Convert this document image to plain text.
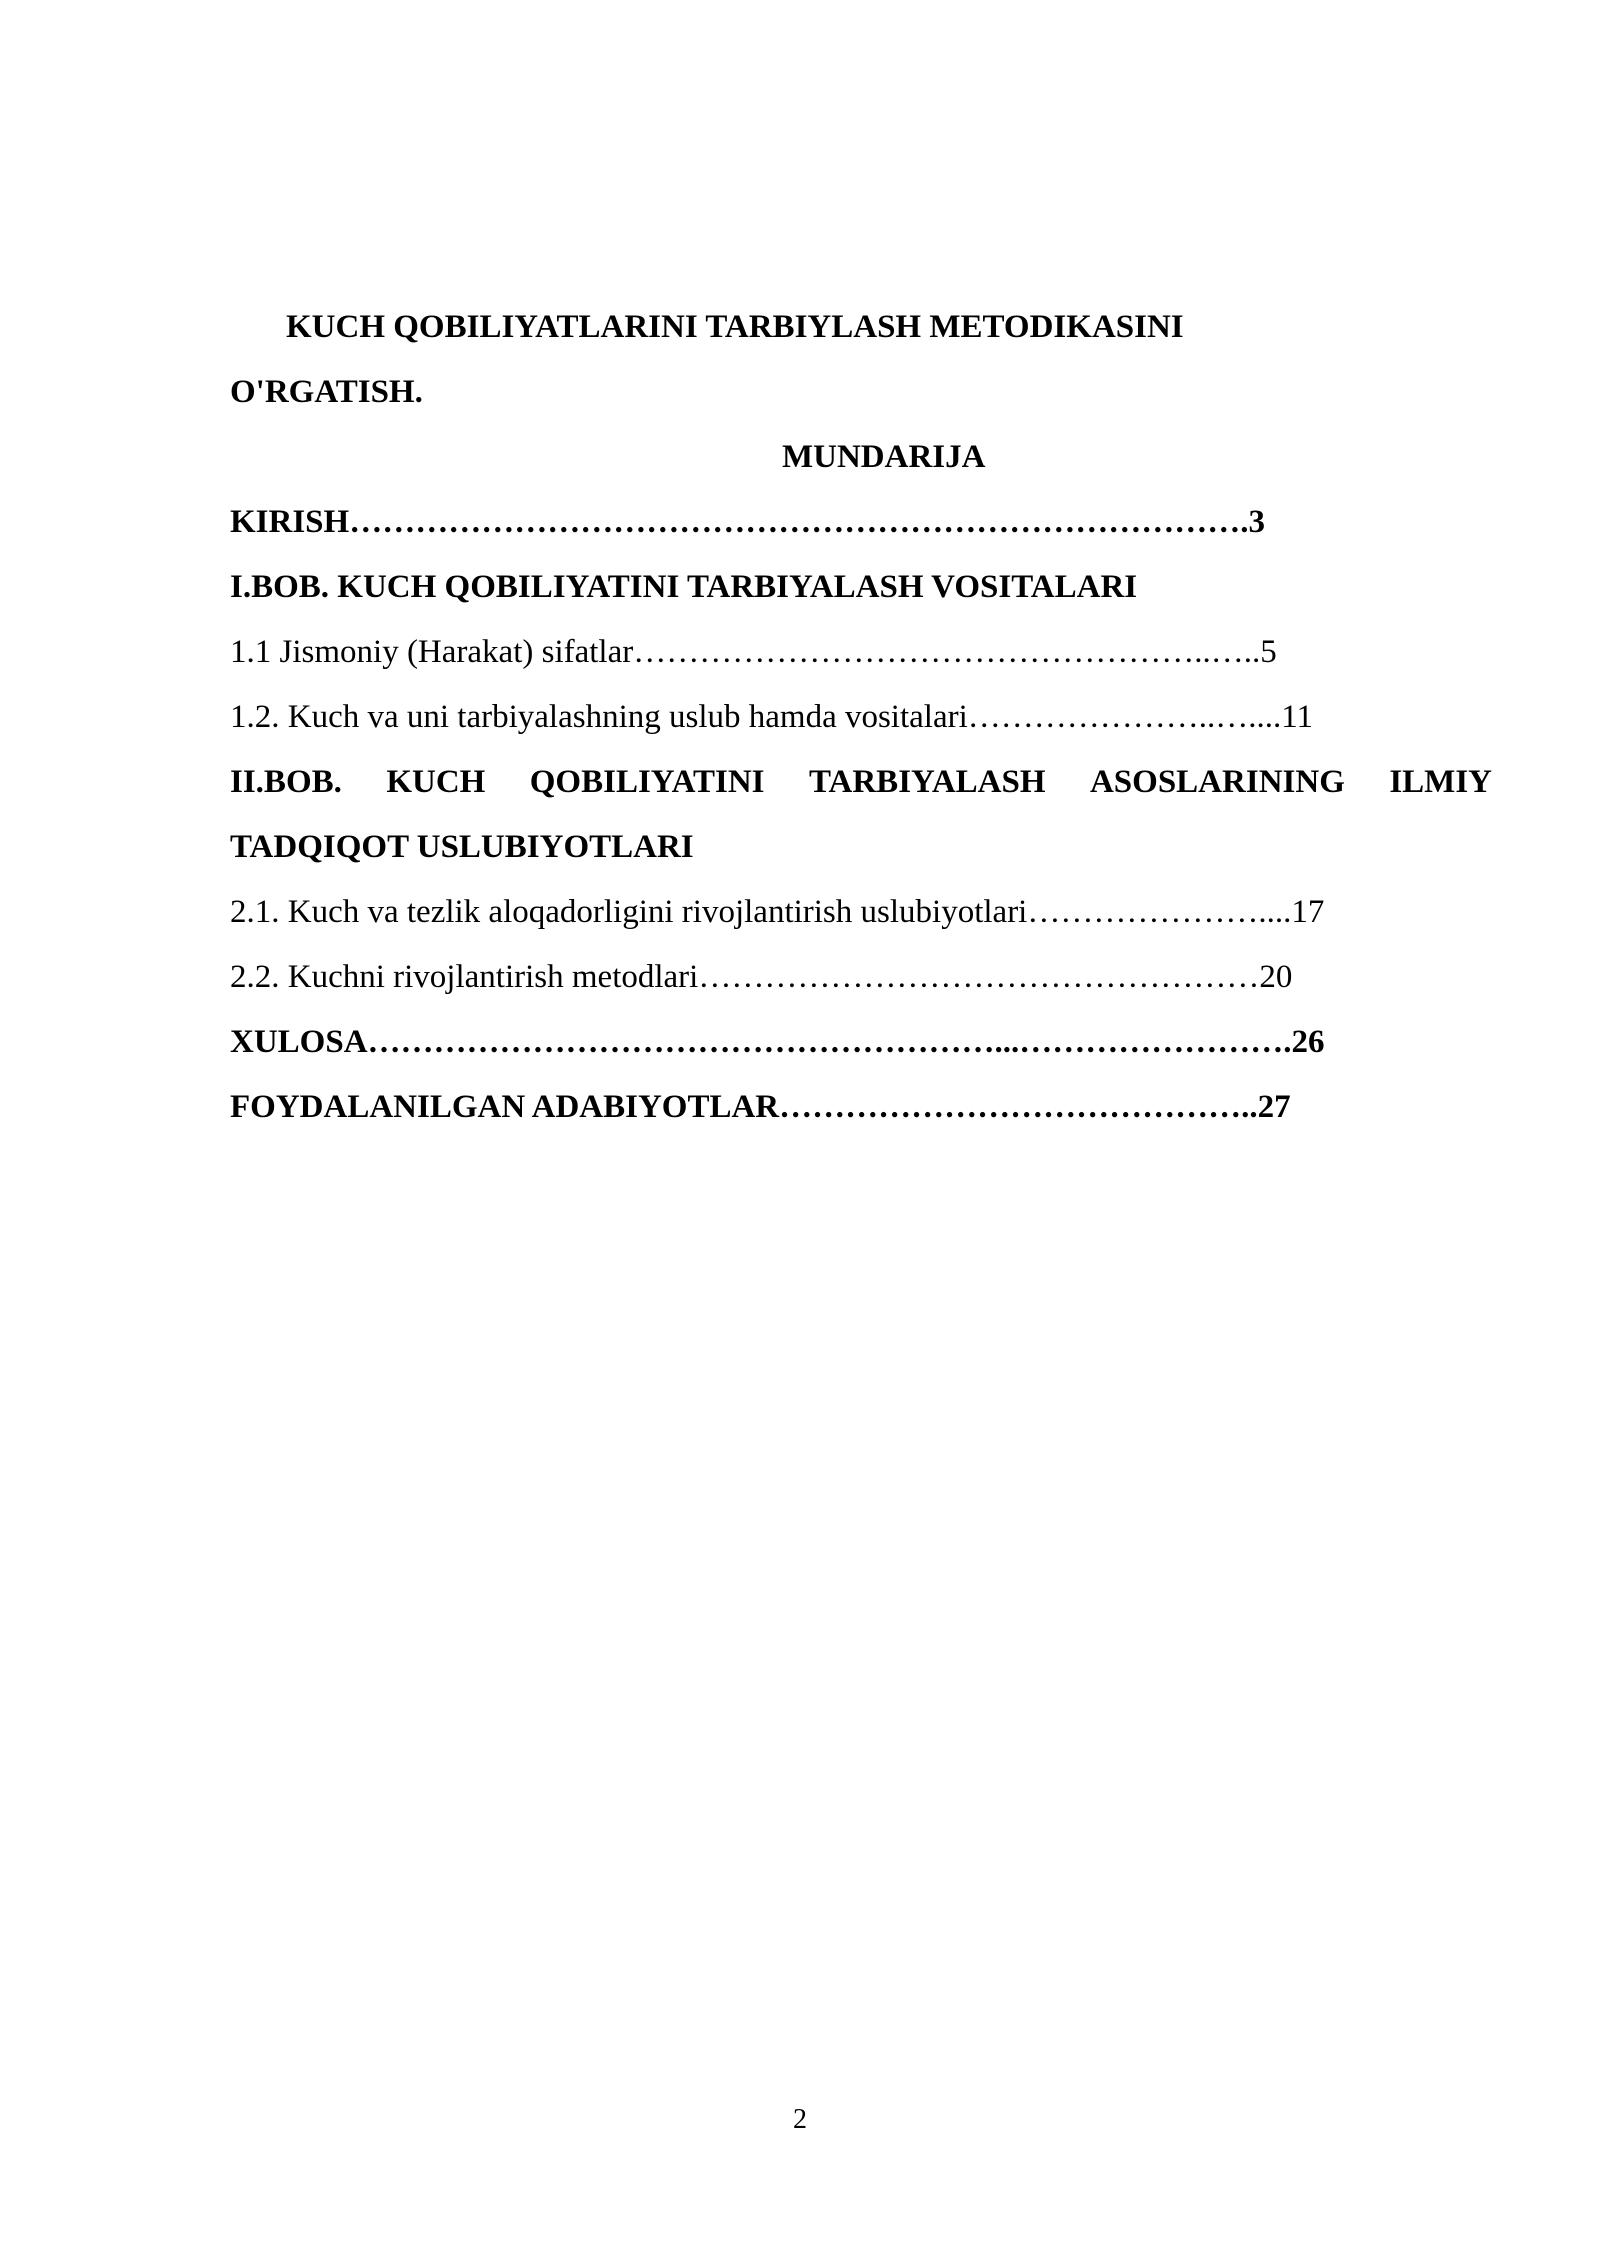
KUCH QOBILIYATLARINI TARBIYLASH METODIKASINI
O'RGATISH.
MUNDARIJA
KIRISH……………………………………………………………………….3
I.BOB. KUCH QOBILIYATINI TARBIYALASH VOSITALARI
1.1 Jismoniy (Harakat) sifatlar……………………………………………..…..5
1.2. Kuch va uni tarbiyalashning uslub hamda vositalari…………………..…....11
II.BOB. KUCH QOBILIYATINI TARBIYALASH ASOSLARINING ILMIY
TADQIQOT USLUBIYOTLARI
2.1. Kuch va tezlik aloqadorligini rivojlantirish uslubiyotlari…………………....17
2.2. Kuchni rivojlantirish metodlari……………………………………………20
XULOSA…………………………………………………...…………………….26
FOYDALANILGAN ADABIYOTLAR……………………………………..27
2
